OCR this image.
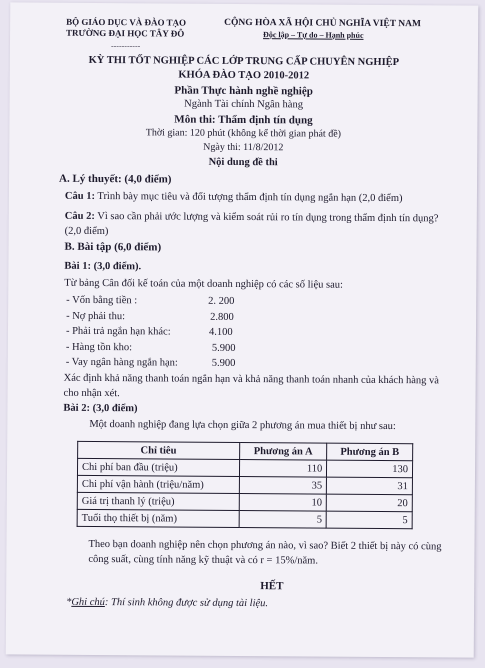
BỘ GIÁO DỤC VÀ ĐÀO TẠO
TRƯỜNG ĐẠI HỌC TÂY ĐÔ
-----------
CỘNG HÒA XÃ HỘI CHỦ NGHĨA VIỆT NAM
Độc lập – Tự do – Hạnh phúc
KỲ THI TỐT NGHIỆP CÁC LỚP TRUNG CẤP CHUYÊN NGHIỆP
KHÓA ĐÀO TẠO 2010-2012
Phần Thực hành nghề nghiệp
Ngành Tài chính Ngân hàng
Môn thi: Thẩm định tín dụng
Thời gian: 120 phút (không kể thời gian phát đề)
Ngày thi: 11/8/2012
Nội dung đề thi
A. Lý thuyết: (4,0 điểm)
Câu 1: Trình bày mục tiêu và đối tượng thẩm định tín dụng ngắn hạn (2,0 điểm)
Câu 2: Vì sao cần phải ước lượng và kiểm soát rủi ro tín dụng trong thẩm định tín dụng? (2,0 điểm)
B. Bài tập (6,0 điểm)
Bài 1: (3,0 điểm).
Từ bảng Cân đối kế toán của một doanh nghiệp có các số liệu sau:
- Vốn bằng tiền :	2. 200
- Nợ phải thu:	2.800
- Phải trả ngắn hạn khác:	4.100
- Hàng tồn kho:	5.900
- Vay ngân hàng ngắn hạn:	5.900
Xác định khả năng thanh toán ngắn hạn và khả năng thanh toán nhanh của khách hàng và cho nhận xét.
Bài 2: (3,0 điểm)
Một doanh nghiệp đang lựa chọn giữa 2 phương án mua thiết bị như sau:
Chỉ tiêu	Phương án A	Phương án B
Chi phí ban đầu (triệu)	110	130
Chi phí vận hành (triệu/năm)	35	31
Giá trị thanh lý (triệu)	10	20
Tuổi thọ thiết bị (năm)	5	5
Theo bạn doanh nghiệp nên chọn phương án nào, vì sao? Biết 2 thiết bị này có cùng công suất, cùng tính năng kỹ thuật và có r = 15%/năm.
HẾT
*Ghi chú: Thí sinh không được sử dụng tài liệu.
